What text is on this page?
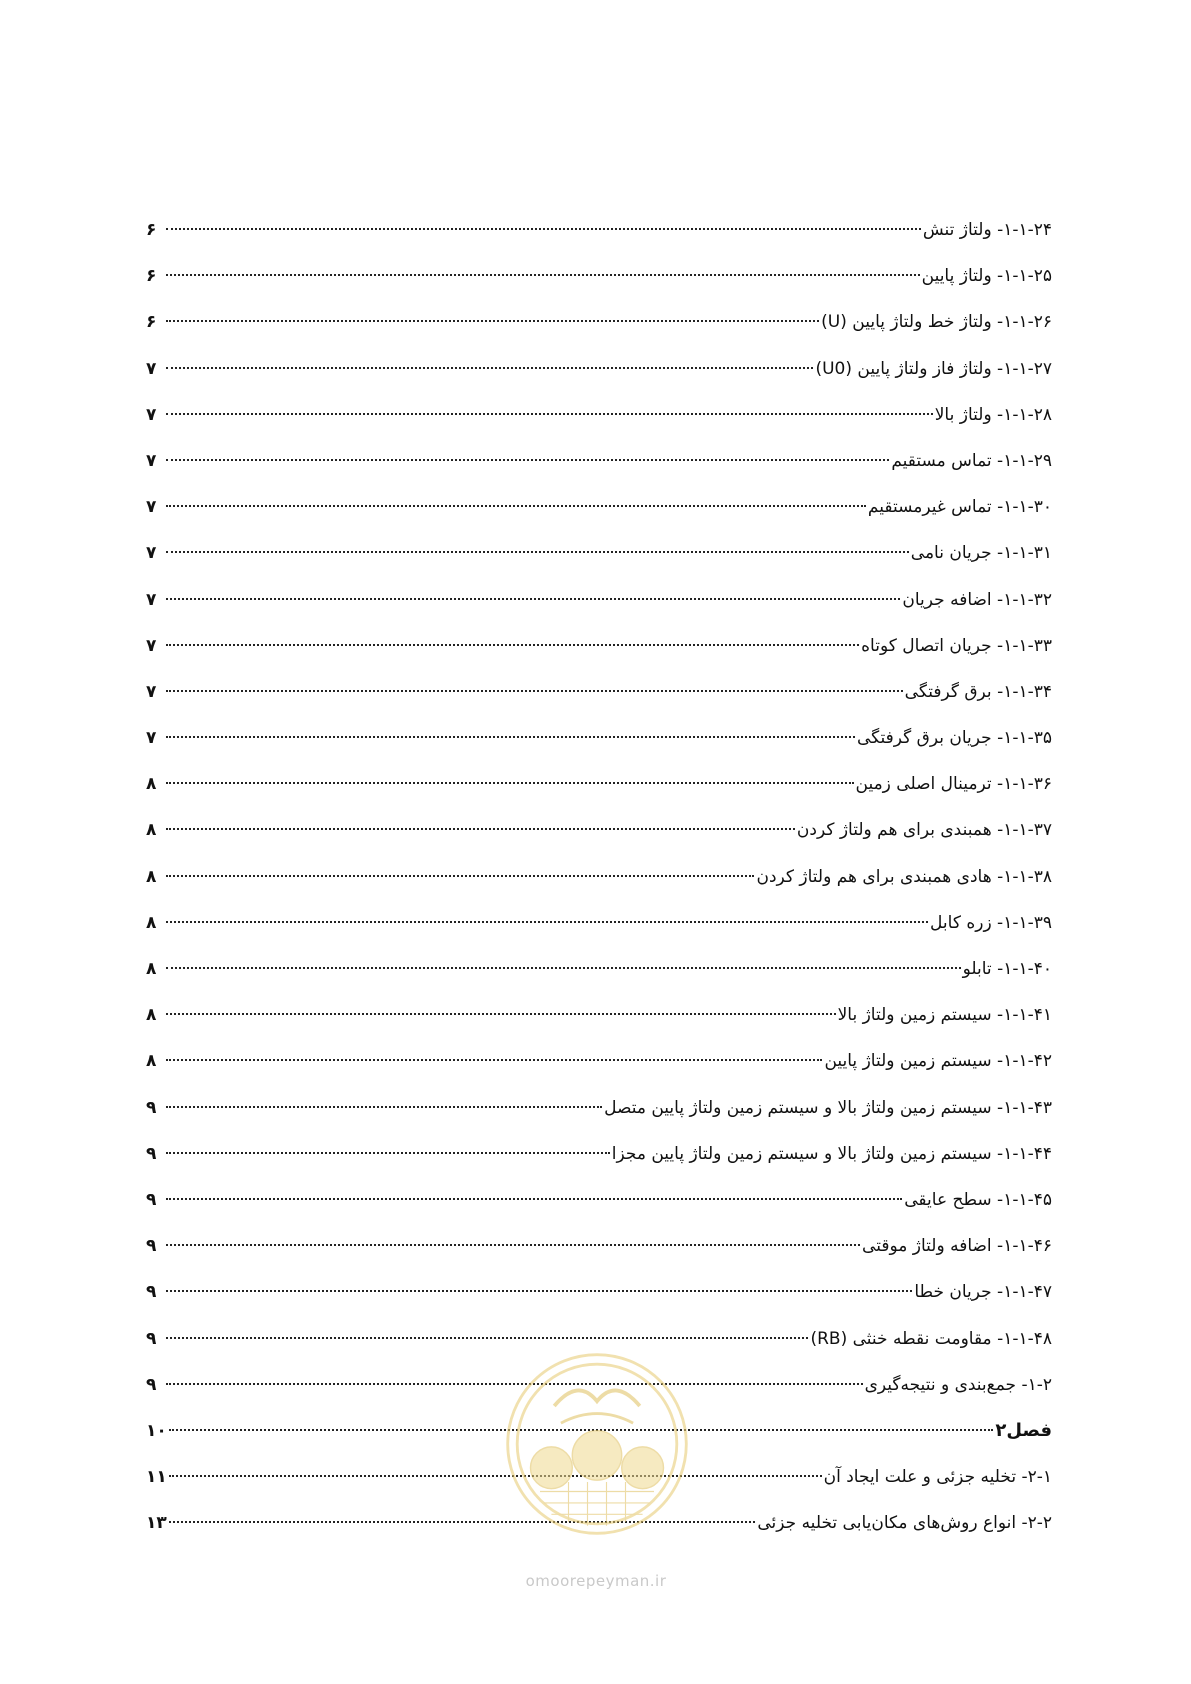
۱-۱-۲۴- ولتاژ تنش
۶
۱-۱-۲۵- ولتاژ پایین
۶
۱-۱-۲۶- ولتاژ خط ولتاژ پایین (U)
۶
۱-۱-۲۷- ولتاژ فاز ولتاژ پایین (U0)
۷
۱-۱-۲۸- ولتاژ بالا
۷
۱-۱-۲۹- تماس مستقیم
۷
۱-۱-۳۰- تماس غیرمستقیم
۷
۱-۱-۳۱- جریان نامی
۷
۱-۱-۳۲- اضافه جریان
۷
۱-۱-۳۳- جریان اتصال کوتاه
۷
۱-۱-۳۴- برق گرفتگی
۷
۱-۱-۳۵- جریان برق گرفتگی
۷
۱-۱-۳۶- ترمینال اصلی زمین
۸
۱-۱-۳۷- همبندی برای هم ولتاژ کردن
۸
۱-۱-۳۸- هادی همبندی برای هم ولتاژ کردن
۸
۱-۱-۳۹- زره کابل
۸
۱-۱-۴۰- تابلو
۸
۱-۱-۴۱- سیستم زمین ولتاژ بالا
۸
۱-۱-۴۲- سیستم زمین ولتاژ پایین
۸
۱-۱-۴۳- سیستم زمین ولتاژ بالا و سیستم زمین ولتاژ پایین متصل
۹
۱-۱-۴۴- سیستم زمین ولتاژ بالا و سیستم زمین ولتاژ پایین مجزا
۹
۱-۱-۴۵- سطح عایقی
۹
۱-۱-۴۶- اضافه ولتاژ موقتی
۹
۱-۱-۴۷- جریان خطا
۹
۱-۱-۴۸- مقاومت نقطه خنثی (RB)
۹
۱-۲- جمع‌بندی و نتیجه‌گیری
۹
فصل۲
۱۰
۲-۱- تخلیه جزئی و علت ایجاد آن
۱۱
۲-۲- انواع روش‌های مکان‌یابی تخلیه جزئی
۱۳
omoorepeyman.ir
